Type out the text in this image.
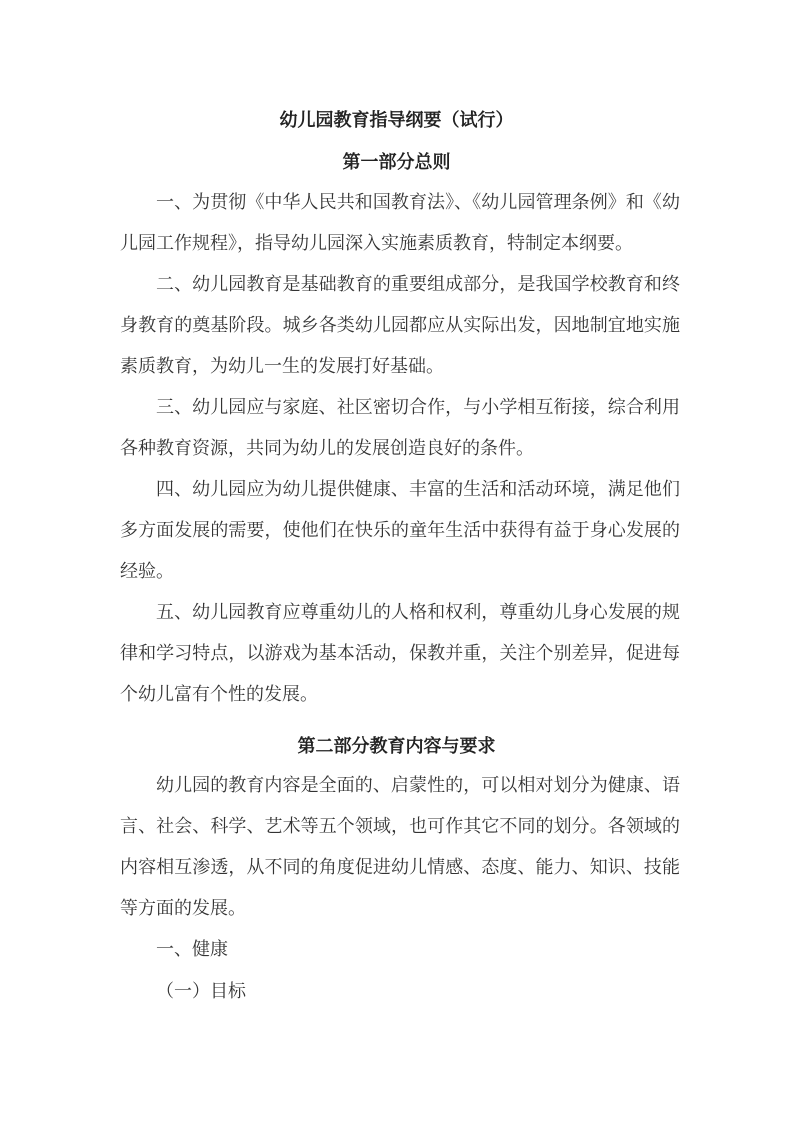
幼儿园教育指导纲要（试行）
第一部分总则

一、为贯彻《中华人民共和国教育法》、《幼儿园管理条例》和《幼儿园工作规程》，指导幼儿园深入实施素质教育，特制定本纲要。

二、幼儿园教育是基础教育的重要组成部分，是我国学校教育和终身教育的奠基阶段。城乡各类幼儿园都应从实际出发，因地制宜地实施素质教育，为幼儿一生的发展打好基础。

三、幼儿园应与家庭、社区密切合作，与小学相互衔接，综合利用各种教育资源，共同为幼儿的发展创造良好的条件。

四、幼儿园应为幼儿提供健康、丰富的生活和活动环境，满足他们多方面发展的需要，使他们在快乐的童年生活中获得有益于身心发展的经验。

五、幼儿园教育应尊重幼儿的人格和权利，尊重幼儿身心发展的规律和学习特点，以游戏为基本活动，保教并重，关注个别差异，促进每个幼儿富有个性的发展。

第二部分教育内容与要求

幼儿园的教育内容是全面的、启蒙性的，可以相对划分为健康、语言、社会、科学、艺术等五个领域，也可作其它不同的划分。各领域的内容相互渗透，从不同的角度促进幼儿情感、态度、能力、知识、技能等方面的发展。

一、健康

（一）目标
